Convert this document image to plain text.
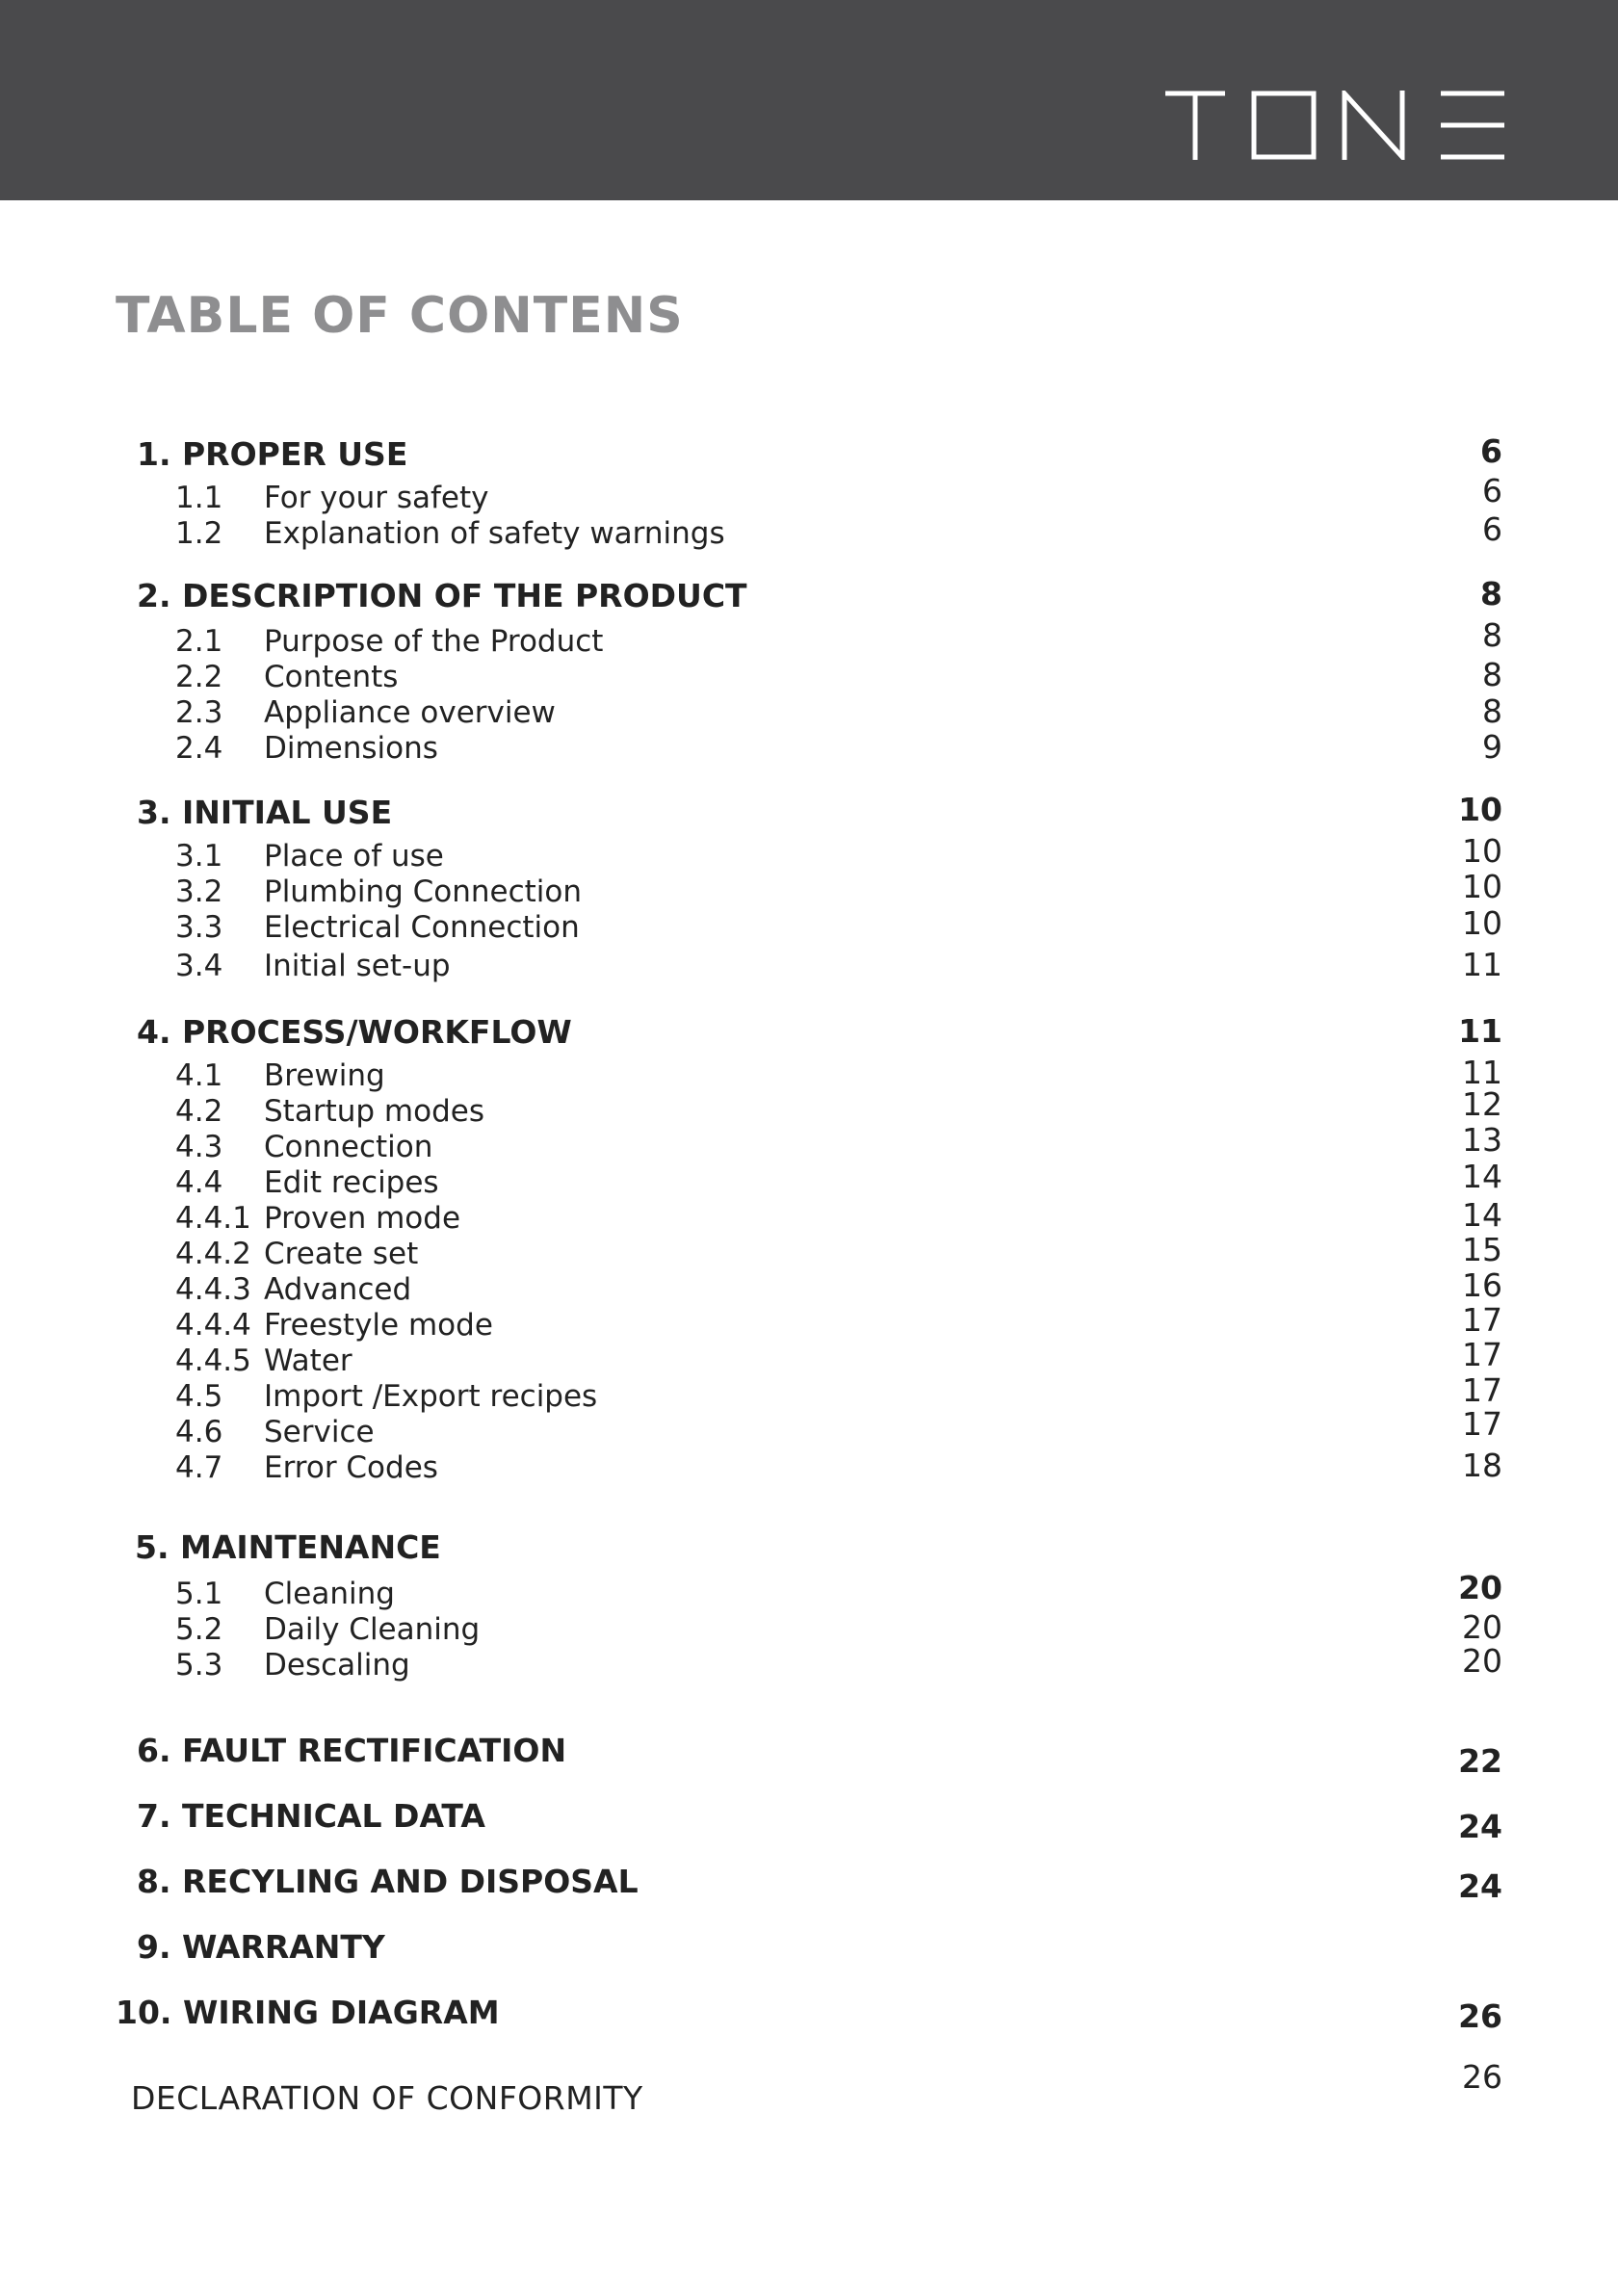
TABLE OF CONTENS
1. PROPER USE
1.1 For your safety
1.2 Explanation of safety warnings
2. DESCRIPTION OF THE PRODUCT
2.1 Purpose of the Product
2.2 Contents
2.3 Appliance overview
2.4 Dimensions
3. INITIAL USE
3.1 Place of use
3.2 Plumbing Connection
3.3 Electrical Connection
3.4 Initial set-up
4. PROCESS/WORKFLOW
4.1 Brewing
4.2 Startup modes
4.3 Connection
4.4 Edit recipes
4.4.1 Proven mode
4.4.2 Create set
4.4.3 Advanced
4.4.4 Freestyle mode
4.4.5 Water
4.5 Import /Export recipes
4.6 Service
4.7 Error Codes
5. MAINTENANCE
5.1 Cleaning
5.2 Daily Cleaning
5.3 Descaling
6. FAULT RECTIFICATION
7. TECHNICAL DATA
8. RECYLING AND DISPOSAL
9. WARRANTY
10. WIRING DIAGRAM
DECLARATION OF CONFORMITY
6
6
6
8
8
8
8
9
10
10
10
10
11
11
11
12
13
14
14
15
16
17
17
17
17
18
20
20
20
22
24
24
26
26
